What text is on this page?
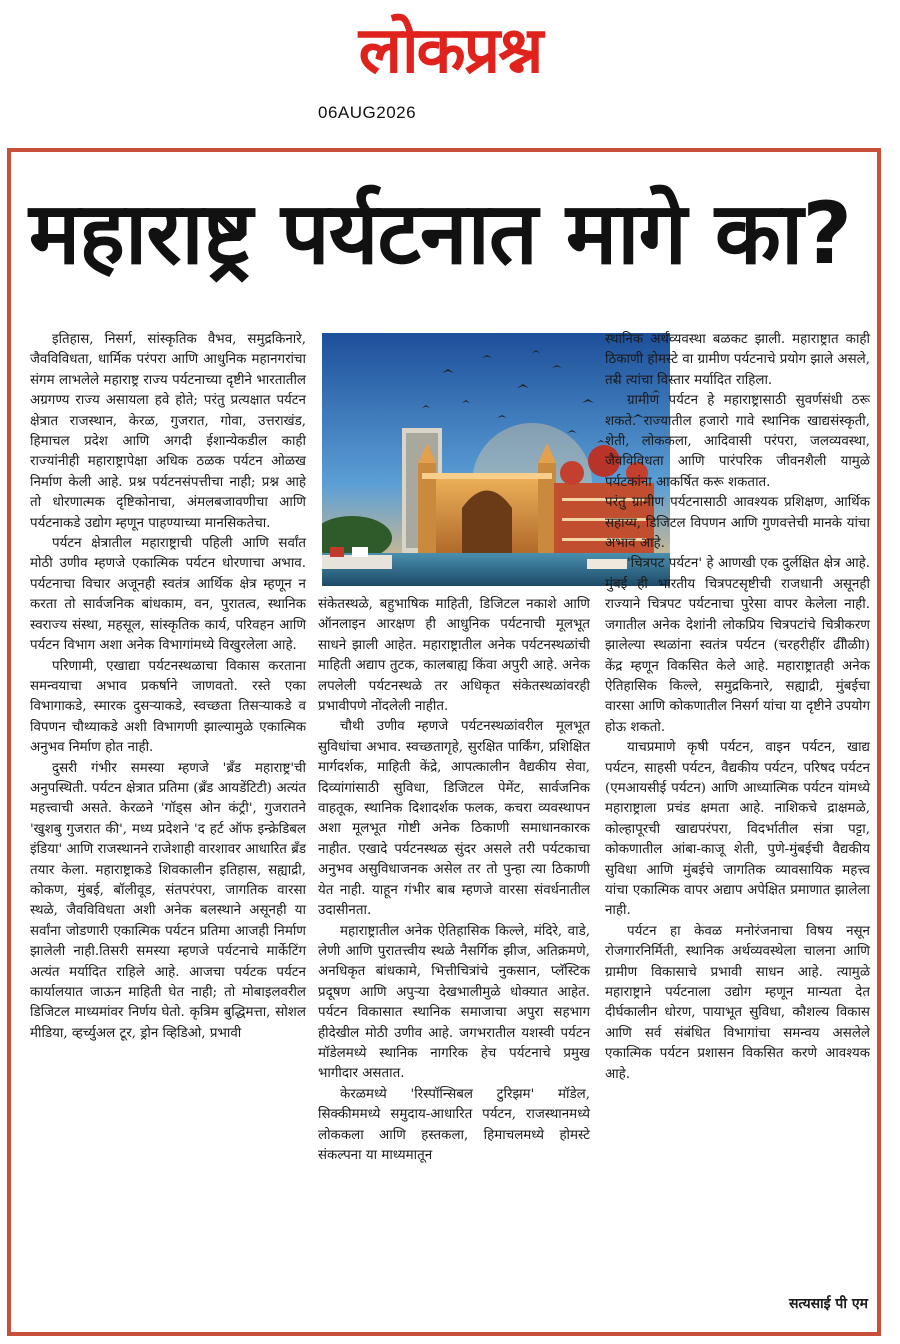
लोकप्रश्न
06AUG2026
महाराष्ट्र पर्यटनात मागे का?

इतिहास, निसर्ग, सांस्कृतिक वैभव, समुद्रकिनारे, जैवविविधता, धार्मिक परंपरा आणि आधुनिक महानगरांचा संगम लाभलेले महाराष्ट्र राज्य पर्यटनाच्या दृष्टीने भारतातील अग्रगण्य राज्य असायला हवे होते; परंतु प्रत्यक्षात पर्यटन क्षेत्रात राजस्थान, केरळ, गुजरात, गोवा, उत्तराखंड, हिमाचल प्रदेश आणि अगदी ईशान्येकडील काही राज्यांनीही महाराष्ट्रापेक्षा अधिक ठळक पर्यटन ओळख निर्माण केली आहे. प्रश्न पर्यटनसंपत्तीचा नाही; प्रश्न आहे तो धोरणात्मक दृष्टिकोनाचा, अंमलबजावणीचा आणि पर्यटनाकडे उद्योग म्हणून पाहण्याच्या मानसिकतेचा.

पर्यटन क्षेत्रातील महाराष्ट्राची पहिली आणि सर्वांत मोठी उणीव म्हणजे एकात्मिक पर्यटन धोरणाचा अभाव. पर्यटनाचा विचार अजूनही स्वतंत्र आर्थिक क्षेत्र म्हणून न करता तो सार्वजनिक बांधकाम, वन, पुरातत्व, स्थानिक स्वराज्य संस्था, महसूल, सांस्कृतिक कार्य, परिवहन आणि पर्यटन विभाग अशा अनेक विभागांमध्ये विखुरलेला आहे.

परिणामी, एखाद्या पर्यटनस्थळाचा विकास करताना समन्वयाचा अभाव प्रकर्षाने जाणवतो. रस्ते एका विभागाकडे, स्मारक दुसऱ्याकडे, स्वच्छता तिसऱ्याकडे व विपणन चौथ्याकडे अशी विभागणी झाल्यामुळे एकात्मिक अनुभव निर्माण होत नाही.

दुसरी गंभीर समस्या म्हणजे 'ब्रँड महाराष्ट्र'ची अनुपस्थिती. पर्यटन क्षेत्रात प्रतिमा (ब्रँड आयडेंटिटी) अत्यंत महत्त्वाची असते. केरळने 'गॉड्स ओन कंट्री', गुजरातने 'खुशबु गुजरात की', मध्य प्रदेशने 'द हर्ट ऑफ इन्क्रेडिबल इंडिया' आणि राजस्थानने राजेशाही वारशावर आधारित ब्रँड तयार केला. महाराष्ट्राकडे शिवकालीन इतिहास, सह्याद्री, कोकण, मुंबई, बॉलीवूड, संतपरंपरा, जागतिक वारसा स्थळे, जैवविविधता अशी अनेक बलस्थाने असूनही या सर्वांना जोडणारी एकात्मिक पर्यटन प्रतिमा आजही निर्माण झालेली नाही.तिसरी समस्या म्हणजे पर्यटनाचे मार्केटिंग अत्यंत मर्यादित राहिले आहे. आजचा पर्यटक पर्यटन कार्यालयात जाऊन माहिती घेत नाही; तो मोबाइलवरील डिजिटल माध्यमांवर निर्णय घेतो. कृत्रिम बुद्धिमत्ता, सोशल मीडिया, व्हर्च्युअल टूर, ड्रोन व्हिडिओ, प्रभावी

संकेतस्थळे, बहुभाषिक माहिती, डिजिटल नकाशे आणि ऑनलाइन आरक्षण ही आधुनिक पर्यटनाची मूलभूत साधने झाली आहेत. महाराष्ट्रातील अनेक पर्यटनस्थळांची माहिती अद्याप तुटक, कालबाह्य किंवा अपुरी आहे. अनेक लपलेली पर्यटनस्थळे तर अधिकृत संकेतस्थळांवरही प्रभावीपणे नोंदलेली नाहीत.

चौथी उणीव म्हणजे पर्यटनस्थळांवरील मूलभूत सुविधांचा अभाव. स्वच्छतागृहे, सुरक्षित पार्किंग, प्रशिक्षित मार्गदर्शक, माहिती केंद्रे, आपत्कालीन वैद्यकीय सेवा, दिव्यांगांसाठी सुविधा, डिजिटल पेमेंट, सार्वजनिक वाहतूक, स्थानिक दिशादर्शक फलक, कचरा व्यवस्थापन अशा मूलभूत गोष्टी अनेक ठिकाणी समाधानकारक नाहीत. एखादे पर्यटनस्थळ सुंदर असले तरी पर्यटकाचा अनुभव असुविधाजनक असेल तर तो पुन्हा त्या ठिकाणी येत नाही. याहून गंभीर बाब म्हणजे वारसा संवर्धनातील उदासीनता.

महाराष्ट्रातील अनेक ऐतिहासिक किल्ले, मंदिरे, वाडे, लेणी आणि पुरातत्त्वीय स्थळे नैसर्गिक झीज, अतिक्रमणे, अनधिकृत बांधकामे, भित्तीचित्रांचे नुकसान, प्लॅस्टिक प्रदूषण आणि अपुऱ्या देखभालीमुळे धोक्यात आहेत. पर्यटन विकासात स्थानिक समाजाचा अपुरा सहभाग हीदेखील मोठी उणीव आहे. जगभरातील यशस्वी पर्यटन मॉडेलमध्ये स्थानिक नागरिक हेच पर्यटनाचे प्रमुख भागीदार असतात.

केरळमध्ये 'रिस्पॉन्सिबल टुरिझम' मॉडेल, सिक्कीममध्ये समुदाय-आधारित पर्यटन, राजस्थानमध्ये लोककला आणि हस्तकला, हिमाचलमध्ये होमस्टे संकल्पना या माध्यमातून

स्थानिक अर्थव्यवस्था बळकट झाली. महाराष्ट्रात काही ठिकाणी होमस्टे वा ग्रामीण पर्यटनाचे प्रयोग झाले असले, तरी त्यांचा विस्तार मर्यादित राहिला.

ग्रामीण पर्यटन हे महाराष्ट्रासाठी सुवर्णसंधी ठरू शकते. राज्यातील हजारो गावे स्थानिक खाद्यसंस्कृती, शेती, लोककला, आदिवासी परंपरा, जलव्यवस्था, जैवविविधता आणि पारंपरिक जीवनशैली यामुळे पर्यटकांना आकर्षित करू शकतात.

परंतु ग्रामीण पर्यटनासाठी आवश्यक प्रशिक्षण, आर्थिक सहाय्य, डिजिटल विपणन आणि गुणवत्तेची मानके यांचा अभाव आहे.

'चित्रपट पर्यटन' हे आणखी एक दुर्लक्षित क्षेत्र आहे. मुंबई ही भारतीय चित्रपटसृष्टीची राजधानी असूनही राज्याने चित्रपट पर्यटनाचा पुरेसा वापर केलेला नाही. जगातील अनेक देशांनी लोकप्रिय चित्रपटांचे चित्रीकरण झालेल्या स्थळांना स्वतंत्र पर्यटन (चरहरीहींर ढीौळीा) केंद्र म्हणून विकसित केले आहे. महाराष्ट्रातही अनेक ऐतिहासिक किल्ले, समुद्रकिनारे, सह्याद्री, मुंबईचा वारसा आणि कोकणातील निसर्ग यांचा या दृष्टीने उपयोग होऊ शकतो.

याचप्रमाणे कृषी पर्यटन, वाइन पर्यटन, खाद्य पर्यटन, साहसी पर्यटन, वैद्यकीय पर्यटन, परिषद पर्यटन (एमआयसीई पर्यटन) आणि आध्यात्मिक पर्यटन यांमध्ये महाराष्ट्राला प्रचंड क्षमता आहे. नाशिकचे द्राक्षमळे, कोल्हापूरची खाद्यपरंपरा, विदर्भातील संत्रा पट्टा, कोकणातील आंबा-काजू शेती, पुणे-मुंबईची वैद्यकीय सुविधा आणि मुंबईचे जागतिक व्यावसायिक महत्त्व यांचा एकात्मिक वापर अद्याप अपेक्षित प्रमाणात झालेला नाही.

पर्यटन हा केवळ मनोरंजनाचा विषय नसून रोजगारनिर्मिती, स्थानिक अर्थव्यवस्थेला चालना आणि ग्रामीण विकासाचे प्रभावी साधन आहे. त्यामुळे महाराष्ट्राने पर्यटनाला उद्योग म्हणून मान्यता देत दीर्घकालीन धोरण, पायाभूत सुविधा, कौशल्य विकास आणि सर्व संबंधित विभागांचा समन्वय असलेले एकात्मिक पर्यटन प्रशासन विकसित करणे आवश्यक आहे.

सत्यसाई पी एम
